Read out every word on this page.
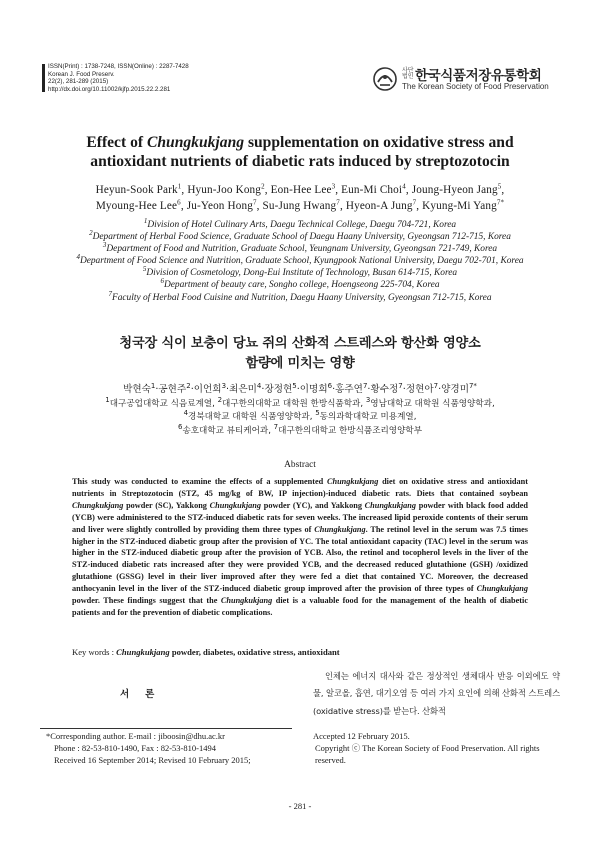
ISSN(Print) : 1738-7248, ISSN(Online) : 2287-7428
Korean J. Food Preserv.
22(2), 281-289 (2015)
http://dx.doi.org/10.11002/kjfp.2015.22.2.281
사단 법인 한국식품저장유통학회
The Korean Society of Food Preservation
Effect of Chungkukjang supplementation on oxidative stress and
antioxidant nutrients of diabetic rats induced by streptozotocin
Heyun-Sook Park$^1$, Hyun-Joo Kong$^2$, Eon-Hee Lee$^3$, Eun-Mi Choi$^4$, Joung-Hyeon Jang$^5$,
Myoung-Hee Lee$^6$, Ju-Yeon Hong$^7$, Su-Jung Hwang$^7$, Hyeon-A Jung$^7$, Kyung-Mi Yang$^{7*}$
$^1$Division of Hotel Culinary Arts, Daegu Technical College, Daegu 704-721, Korea
$^2$Department of Herbal Food Science, Graduate School of Daegu Haany University, Gyeongsan 712-715, Korea
$^3$Department of Food and Nutrition, Graduate School, Yeungnam University, Gyeongsan 721-749, Korea
$^4$Department of Food Science and Nutrition, Graduate School, Kyungpook National University, Daegu 702-701, Korea
$^5$Division of Cosmetology, Dong-Eui Institute of Technology, Busan 614-715, Korea
$^6$Department of beauty care, Songho college, Hoengseong 225-704, Korea
$^7$Faculty of Herbal Food Cuisine and Nutrition, Daegu Haany University, Gyeongsan 712-715, Korea
청국장 식이 보충이 당뇨 쥐의 산화적 스트레스와 항산화 영양소
함량에 미치는 영향
박현숙$^1$·공현주$^2$·이언희$^3$·최은미$^4$·장정현$^5$·이명희$^6$·홍주연$^7$·황수정$^7$·정현아$^7$·양경미$^{7*}$
$^1$대구공업대학교 식음료계열, $^2$대구한의대학교 대학원 한방식품학과, $^3$영남대학교 대학원 식품영양학과,
$^4$경북대학교 대학원 식품영양학과, $^5$동의과학대학교 미용계열,
$^6$송호대학교 뷰티케어과, $^7$대구한의대학교 한방식품조리영양학부
Abstract
This study was conducted to examine the effects of a supplemented Chungkukjang diet on oxidative stress and antioxidant nutrients in Streptozotocin (STZ, 45 mg/kg of BW, IP injection)-induced diabetic rats. Diets that contained soybean Chungkukjang powder (SC), Yakkong Chungkukjang powder (YC), and Yakkong Chungkukjang powder with black food added (YCB) were administered to the STZ-induced diabetic rats for seven weeks. The increased lipid peroxide contents of their serum and liver were slightly controlled by providing them three types of Chungkukjang. The retinol level in the serum was 7.5 times higher in the STZ-induced diabetic group after the provision of YC. The total antioxidant capacity (TAC) level in the serum was higher in the STZ-induced diabetic group after the provision of YCB. Also, the retinol and tocopherol levels in the liver of the STZ-induced diabetic rats increased after they were provided YCB, and the decreased reduced glutathione (GSH) /oxidized glutathione (GSSG) level in their liver improved after they were fed a diet that contained YC. Moreover, the decreased anthocyanin level in the liver of the STZ-induced diabetic group improved after the provision of three types of Chungkukjang powder. These findings suggest that the Chungkukjang diet is a valuable food for the management of the health of diabetic patients and for the prevention of diabetic complications.
Key words : Chungkukjang powder, diabetes, oxidative stress, antioxidant
서론
인체는 에너지 대사와 같은 정상적인 생체대사 반응 이외에도 약물, 알코올, 흡연, 대기오염 등 여러 가지 요인에 의해 산화적 스트레스(oxidative stress)를 받는다. 산화적
*Corresponding author. E-mail : jiboosin@dhu.ac.kr
Phone : 82-53-810-1490, Fax : 82-53-810-1494
Received 16 September 2014; Revised 10 February 2015;
Accepted 12 February 2015.
Copyright ⓒ The Korean Society of Food Preservation. All rights reserved.
- 281 -
